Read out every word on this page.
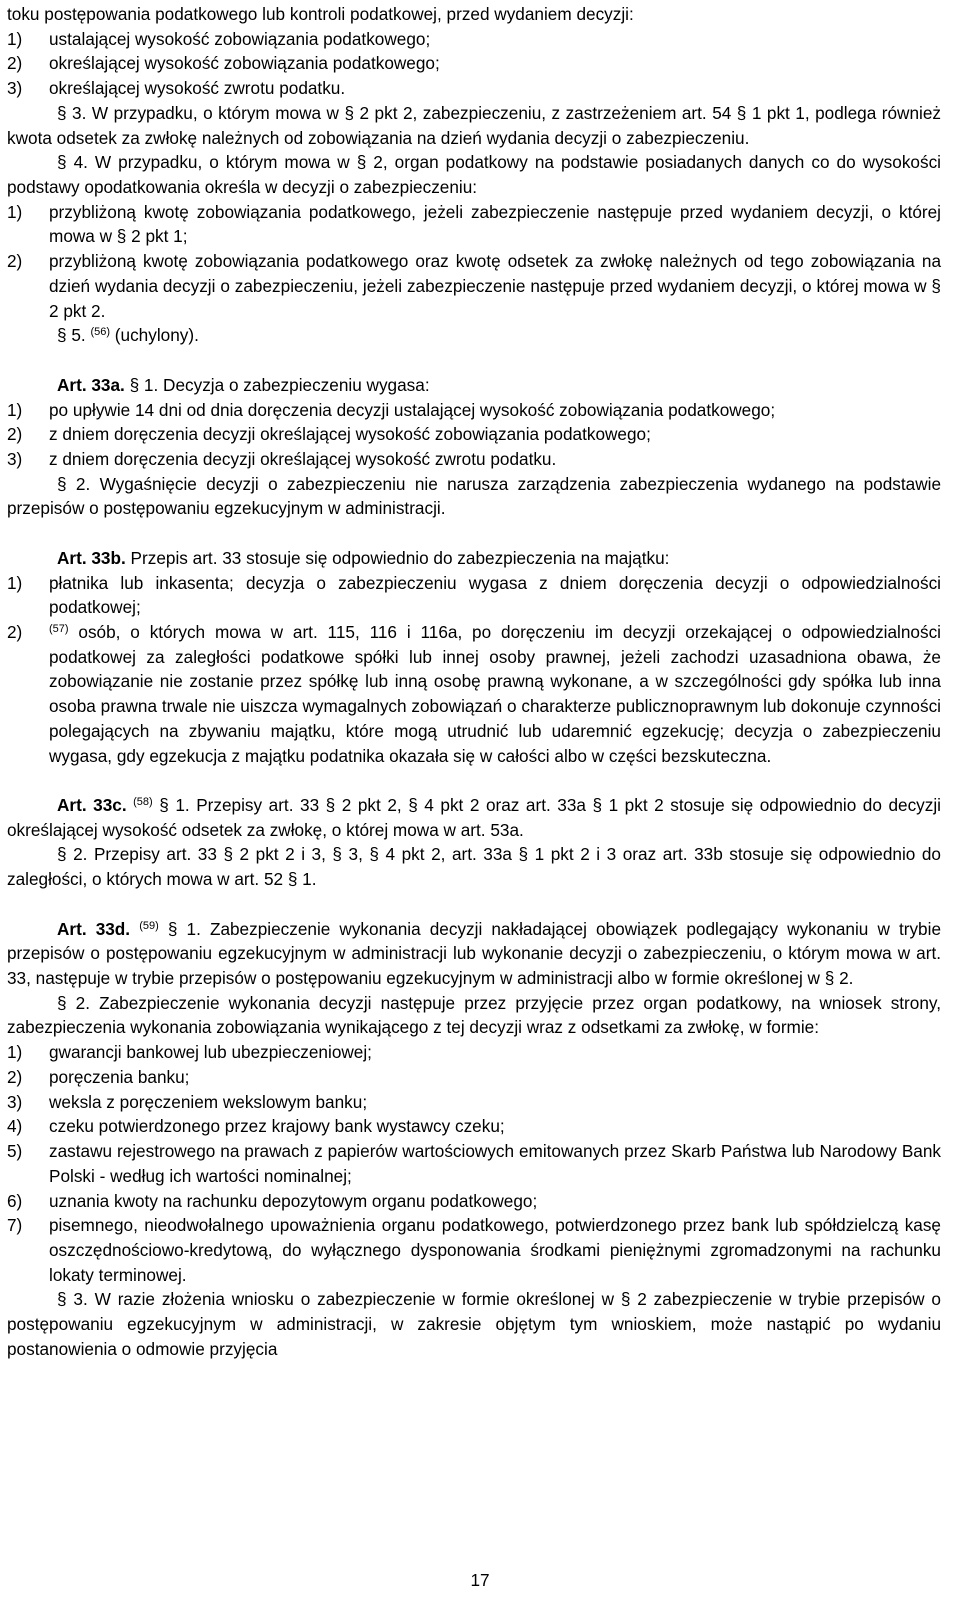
toku postępowania podatkowego lub kontroli podatkowej, przed wydaniem decyzji:

1)	ustalającej wysokość zobowiązania podatkowego;
2)	określającej wysokość zobowiązania podatkowego;
3)	określającej wysokość zwrotu podatku.

§ 3. W przypadku, o którym mowa w § 2 pkt 2, zabezpieczeniu, z zastrzeżeniem art. 54 § 1 pkt 1, podlega również kwota odsetek za zwłokę należnych od zobowiązania na dzień wydania decyzji o zabezpieczeniu.

§ 4. W przypadku, o którym mowa w § 2, organ podatkowy na podstawie posiadanych danych co do wysokości podstawy opodatkowania określa w decyzji o zabezpieczeniu:

1)	przybliżoną kwotę zobowiązania podatkowego, jeżeli zabezpieczenie następuje przed wydaniem decyzji, o której mowa w § 2 pkt 1;
2)	przybliżoną kwotę zobowiązania podatkowego oraz kwotę odsetek za zwłokę należnych od tego zobowiązania na dzień wydania decyzji o zabezpieczeniu, jeżeli zabezpieczenie następuje przed wydaniem decyzji, o której mowa w § 2 pkt 2.

§ 5. $^{(56)}$ (uchylony).

Art. 33a. § 1. Decyzja o zabezpieczeniu wygasa:

1)	po upływie 14 dni od dnia doręczenia decyzji ustalającej wysokość zobowiązania podatkowego;
2)	z dniem doręczenia decyzji określającej wysokość zobowiązania podatkowego;
3)	z dniem doręczenia decyzji określającej wysokość zwrotu podatku.

§ 2. Wygaśnięcie decyzji o zabezpieczeniu nie narusza zarządzenia zabezpieczenia wydanego na podstawie przepisów o postępowaniu egzekucyjnym w administracji.

Art. 33b. Przepis art. 33 stosuje się odpowiednio do zabezpieczenia na majątku:

1)	płatnika lub inkasenta; decyzja o zabezpieczeniu wygasa z dniem doręczenia decyzji o odpowiedzialności podatkowej;
2)	$^{(57)}$ osób, o których mowa w art. 115, 116 i 116a, po doręczeniu im decyzji orzekającej o odpowiedzialności podatkowej za zaległości podatkowe spółki lub innej osoby prawnej, jeżeli zachodzi uzasadniona obawa, że zobowiązanie nie zostanie przez spółkę lub inną osobę prawną wykonane, a w szczególności gdy spółka lub inna osoba prawna trwale nie uiszcza wymagalnych zobowiązań o charakterze publicznoprawnym lub dokonuje czynności polegających na zbywaniu majątku, które mogą utrudnić lub udaremnić egzekucję; decyzja o zabezpieczeniu wygasa, gdy egzekucja z majątku podatnika okazała się w całości albo w części bezskuteczna.

Art. 33c. $^{(58)}$ § 1. Przepisy art. 33 § 2 pkt 2, § 4 pkt 2 oraz art. 33a § 1 pkt 2 stosuje się odpowiednio do decyzji określającej wysokość odsetek za zwłokę, o której mowa w art. 53a.

§ 2. Przepisy art. 33 § 2 pkt 2 i 3, § 3, § 4 pkt 2, art. 33a § 1 pkt 2 i 3 oraz art. 33b stosuje się odpowiednio do zaległości, o których mowa w art. 52 § 1.

Art. 33d. $^{(59)}$ § 1. Zabezpieczenie wykonania decyzji nakładającej obowiązek podlegający wykonaniu w trybie przepisów o postępowaniu egzekucyjnym w administracji lub wykonanie decyzji o zabezpieczeniu, o którym mowa w art. 33, następuje w trybie przepisów o postępowaniu egzekucyjnym w administracji albo w formie określonej w § 2.

§ 2. Zabezpieczenie wykonania decyzji następuje przez przyjęcie przez organ podatkowy, na wniosek strony, zabezpieczenia wykonania zobowiązania wynikającego z tej decyzji wraz z odsetkami za zwłokę, w formie:

1)	gwarancji bankowej lub ubezpieczeniowej;
2)	poręczenia banku;
3)	weksla z poręczeniem wekslowym banku;
4)	czeku potwierdzonego przez krajowy bank wystawcy czeku;
5)	zastawu rejestrowego na prawach z papierów wartościowych emitowanych przez Skarb Państwa lub Narodowy Bank Polski - według ich wartości nominalnej;
6)	uznania kwoty na rachunku depozytowym organu podatkowego;
7)	pisemnego, nieodwołalnego upoważnienia organu podatkowego, potwierdzonego przez bank lub spółdzielczą kasę oszczędnościowo-kredytową, do wyłącznego dysponowania środkami pieniężnymi zgromadzonymi na rachunku lokaty terminowej.

§ 3. W razie złożenia wniosku o zabezpieczenie w formie określonej w § 2 zabezpieczenie w trybie przepisów o postępowaniu egzekucyjnym w administracji, w zakresie objętym tym wnioskiem, może nastąpić po wydaniu postanowienia o odmowie przyjęcia

17
